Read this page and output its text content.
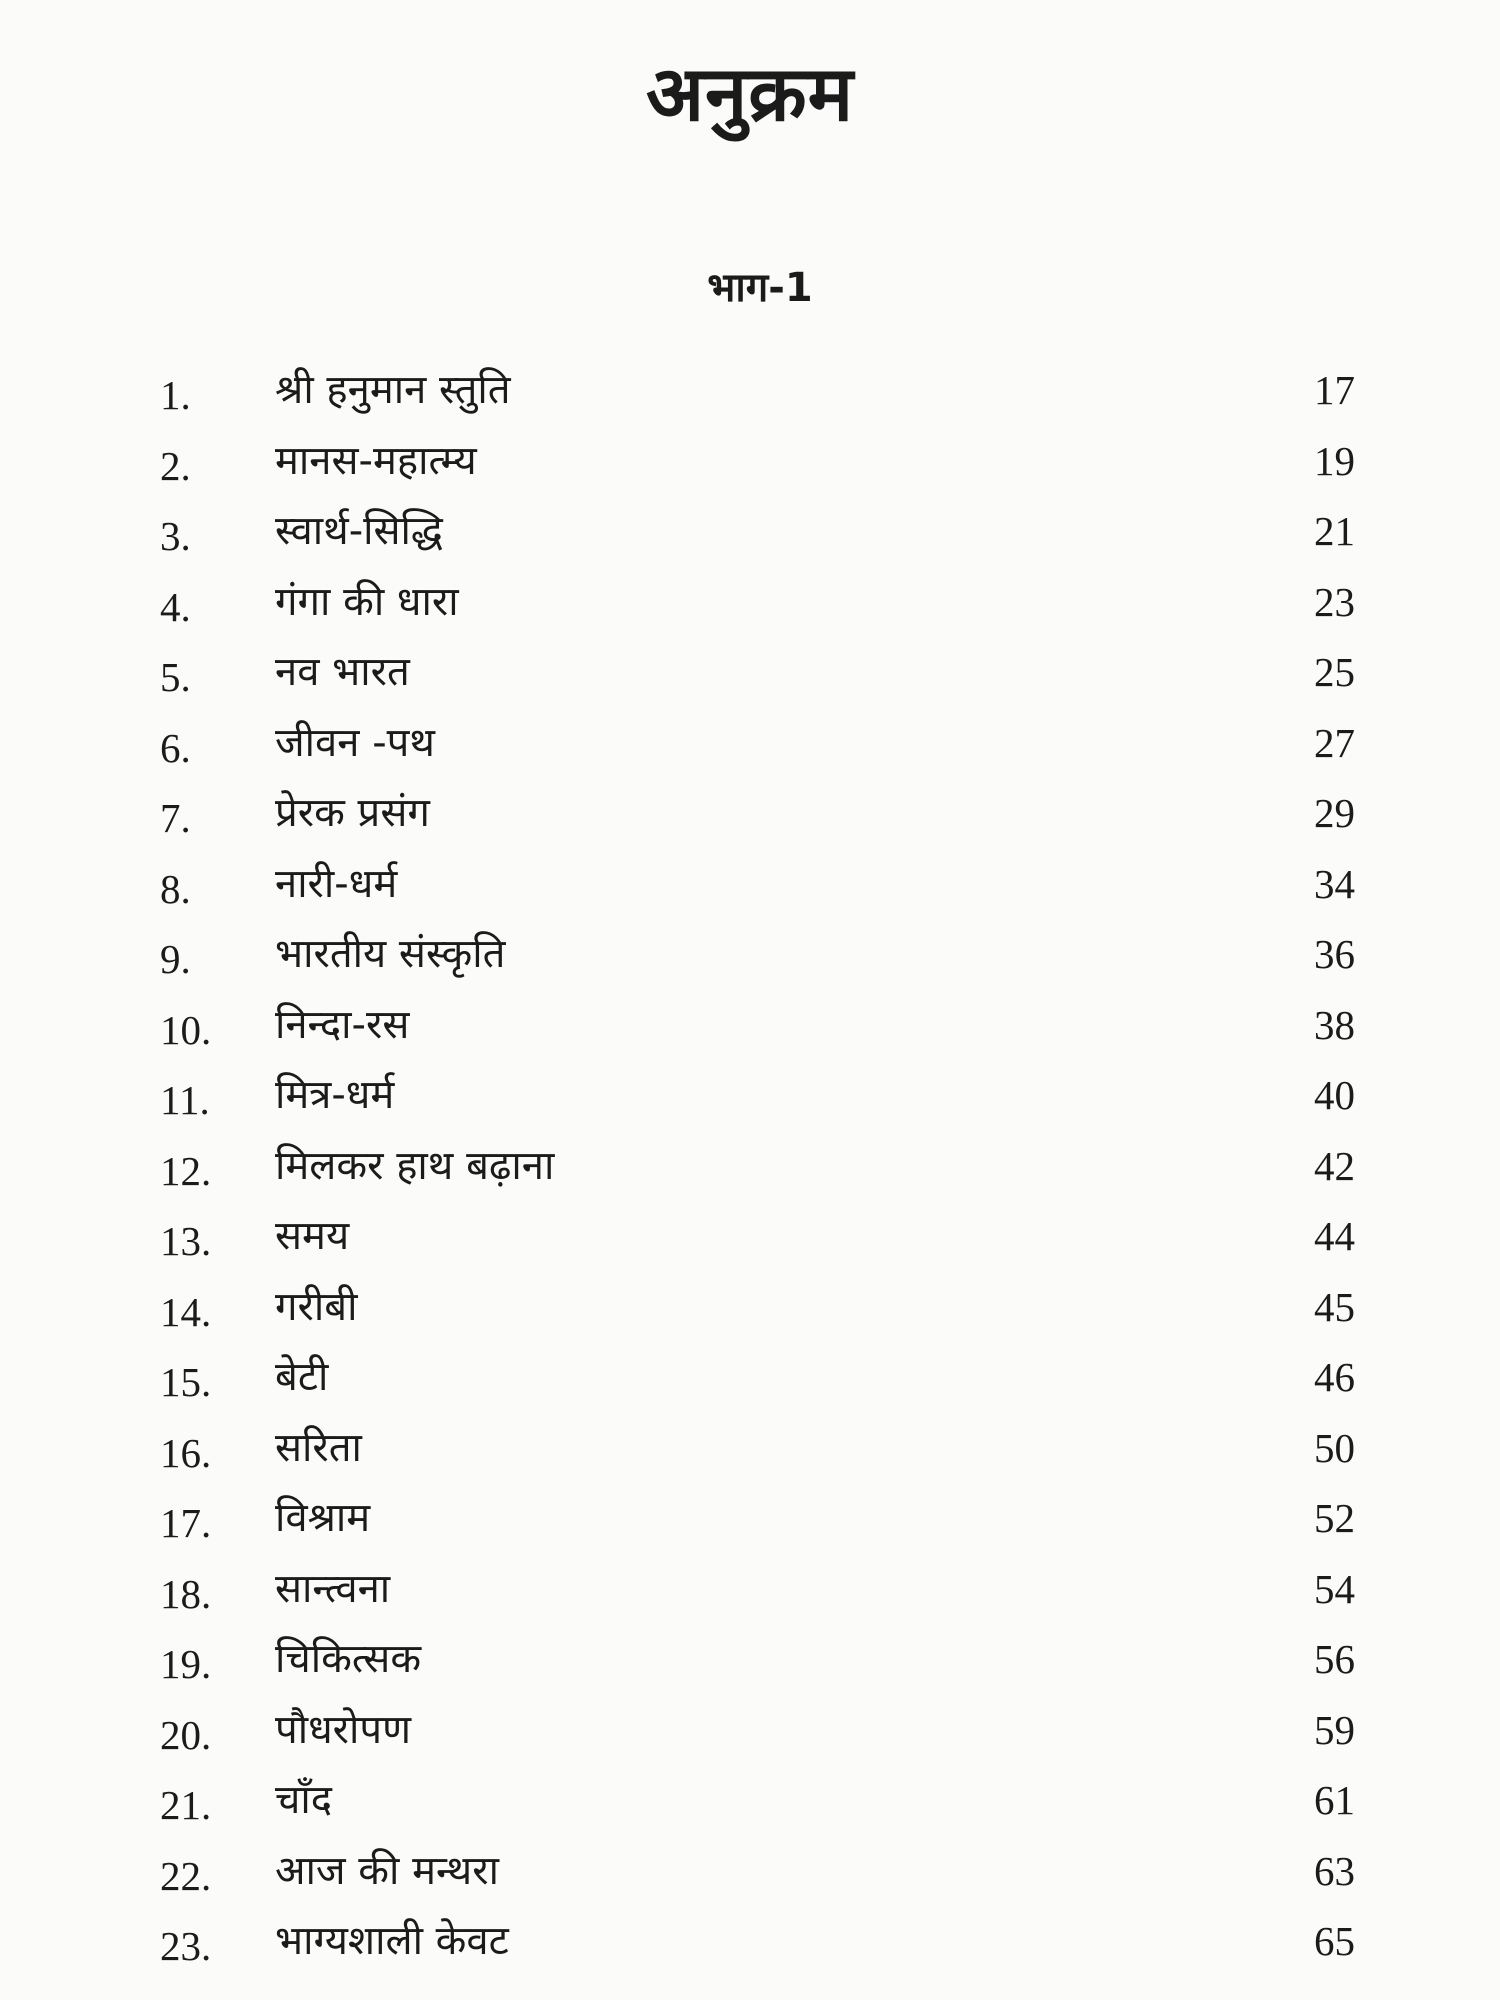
अनुक्रम
भाग-1
1. श्री हनुमान स्तुति	17
2. मानस-महात्म्य	19
3. स्वार्थ-सिद्धि	21
4. गंगा की धारा	23
5. नव भारत	25
6. जीवन -पथ	27
7. प्रेरक प्रसंग	29
8. नारी-धर्म	34
9. भारतीय संस्कृति	36
10. निन्दा-रस	38
11. मित्र-धर्म	40
12. मिलकर हाथ बढ़ाना	42
13. समय	44
14. गरीबी	45
15. बेटी	46
16. सरिता	50
17. विश्राम	52
18. सान्त्वना	54
19. चिकित्सक	56
20. पौधरोपण	59
21. चाँद	61
22. आज की मन्थरा	63
23. भाग्यशाली केवट	65
